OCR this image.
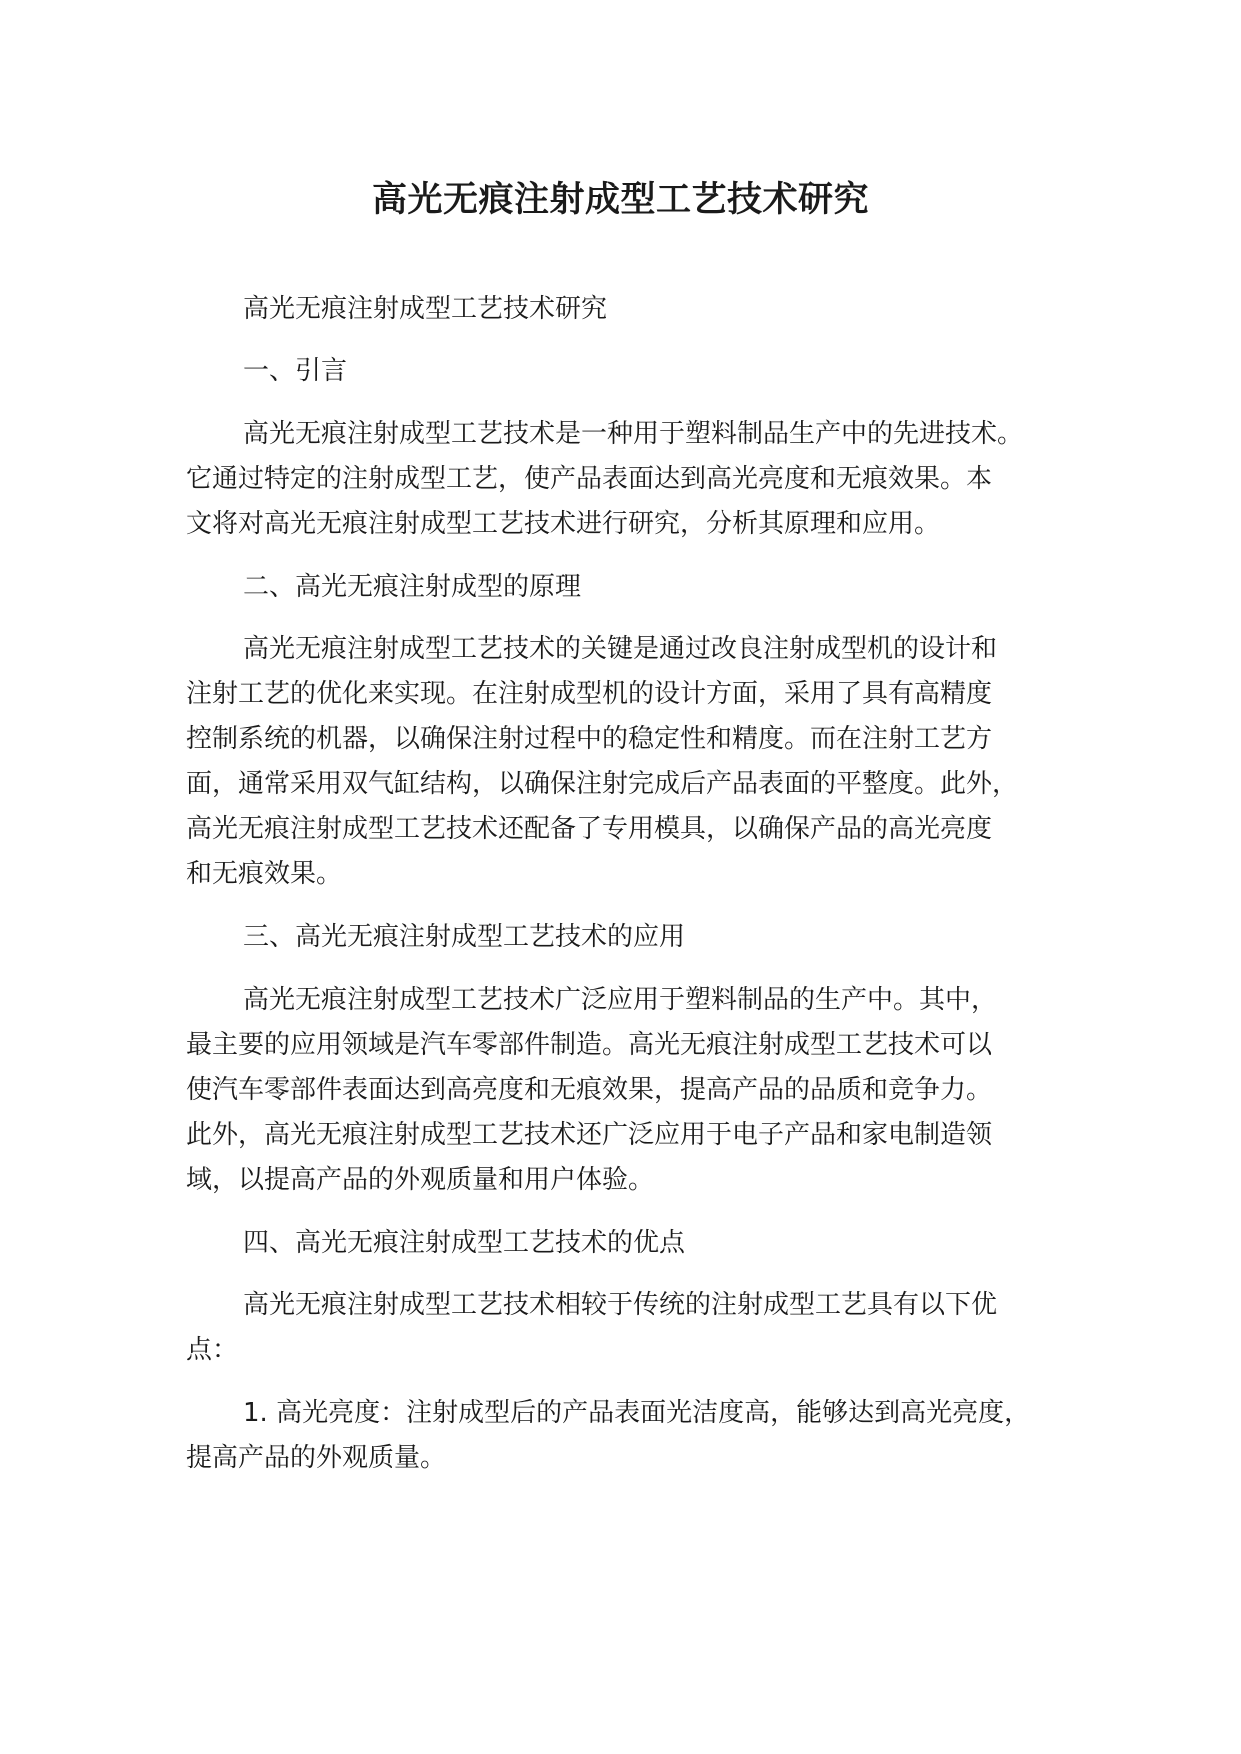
高光无痕注射成型工艺技术研究
高光无痕注射成型工艺技术研究
一、引言
高光无痕注射成型工艺技术是一种用于塑料制品生产中的先进技术。
它通过特定的注射成型工艺，使产品表面达到高光亮度和无痕效果。本
文将对高光无痕注射成型工艺技术进行研究，分析其原理和应用。
二、高光无痕注射成型的原理
高光无痕注射成型工艺技术的关键是通过改良注射成型机的设计和
注射工艺的优化来实现。在注射成型机的设计方面，采用了具有高精度
控制系统的机器，以确保注射过程中的稳定性和精度。而在注射工艺方
面，通常采用双气缸结构，以确保注射完成后产品表面的平整度。此外，
高光无痕注射成型工艺技术还配备了专用模具，以确保产品的高光亮度
和无痕效果。
三、高光无痕注射成型工艺技术的应用
高光无痕注射成型工艺技术广泛应用于塑料制品的生产中。其中，
最主要的应用领域是汽车零部件制造。高光无痕注射成型工艺技术可以
使汽车零部件表面达到高亮度和无痕效果，提高产品的品质和竞争力。
此外，高光无痕注射成型工艺技术还广泛应用于电子产品和家电制造领
域，以提高产品的外观质量和用户体验。
四、高光无痕注射成型工艺技术的优点
高光无痕注射成型工艺技术相较于传统的注射成型工艺具有以下优
点：
1. 高光亮度：注射成型后的产品表面光洁度高，能够达到高光亮度，
提高产品的外观质量。
